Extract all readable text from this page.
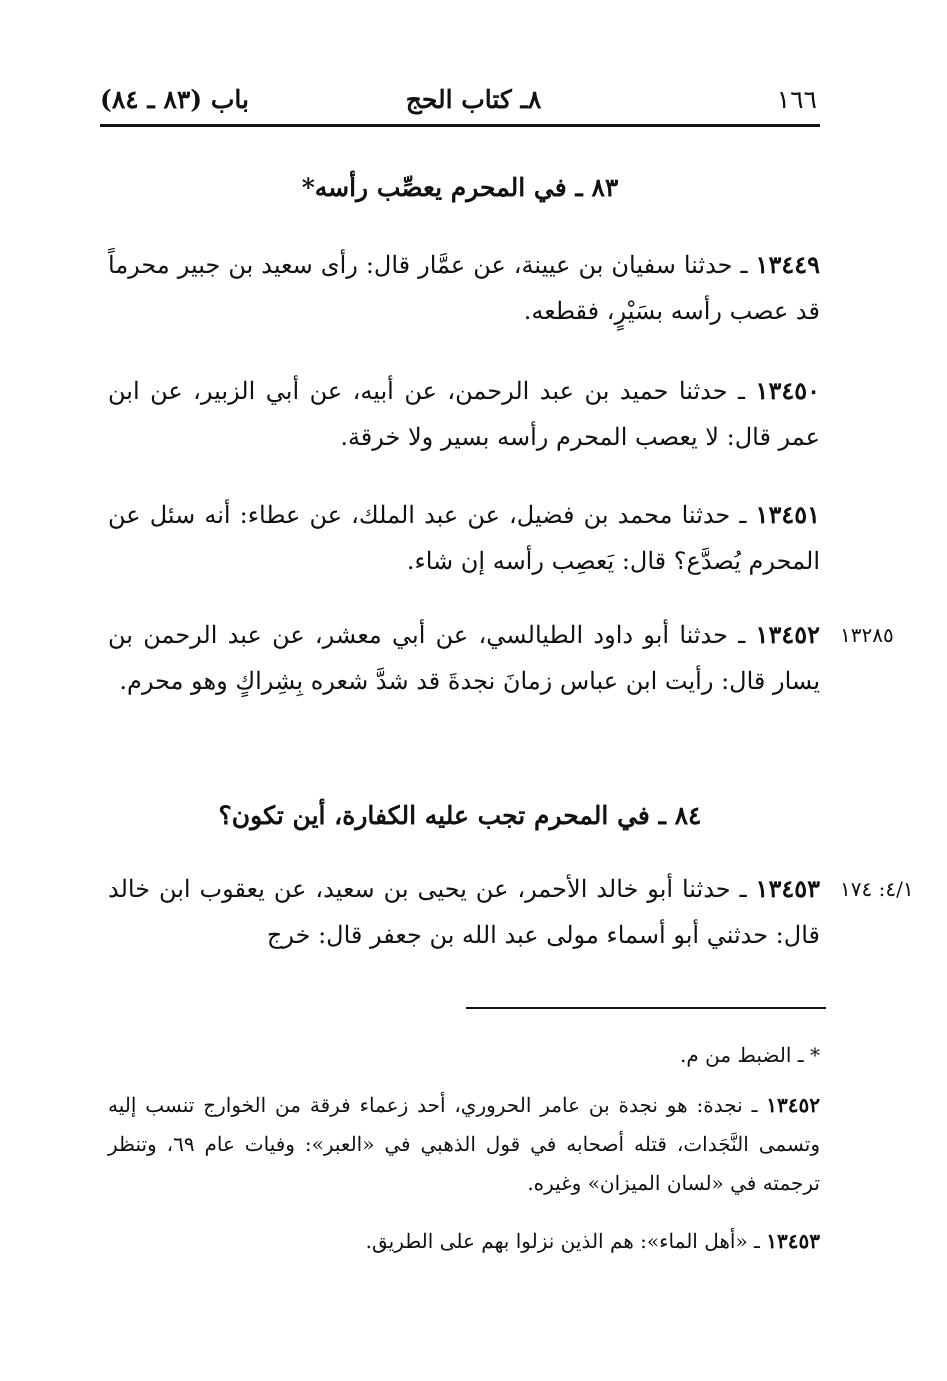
١٦٦
٨ـ كتاب الحج
باب (٨٣ ـ ٨٤)
٨٣ ـ في المحرم يعصِّب رأسه*
١٣٤٤٩ ـ حدثنا سفيان بن عيينة، عن عمَّار قال: رأى سعيد بن جبير محرماً قد عصب رأسه بسَيْرٍ، فقطعه.
١٣٤٥٠ ـ حدثنا حميد بن عبد الرحمن، عن أبيه، عن أبي الزبير، عن ابن عمر قال: لا يعصب المحرم رأسه بسير ولا خرقة.
١٣٤٥١ ـ حدثنا محمد بن فضيل، عن عبد الملك، عن عطاء: أنه سئل عن المحرم يُصدَّع؟ قال: يَعصِب رأسه إن شاء.
١٣٢٨٥
١٣٤٥٢ ـ حدثنا أبو داود الطيالسي، عن أبي معشر، عن عبد الرحمن بن يسار قال: رأيت ابن عباس زمانَ نجدةَ قد شدَّ شعره بِشِراكٍ وهو محرم.
٨٤ ـ في المحرم تجب عليه الكفارة، أين تكون؟
٤/١: ١٧٤
١٣٤٥٣ ـ حدثنا أبو خالد الأحمر، عن يحيى بن سعيد، عن يعقوب ابن خالد قال: حدثني أبو أسماء مولى عبد الله بن جعفر قال: خرج
* ـ الضبط من م.
١٣٤٥٢ ـ نجدة: هو نجدة بن عامر الحروري، أحد زعماء فرقة من الخوارج تنسب إليه وتسمى النَّجَدات، قتله أصحابه في قول الذهبي في «العبر»: وفيات عام ٦٩، وتنظر ترجمته في «لسان الميزان» وغيره.
١٣٤٥٣ ـ «أهل الماء»: هم الذين نزلوا بهم على الطريق.
